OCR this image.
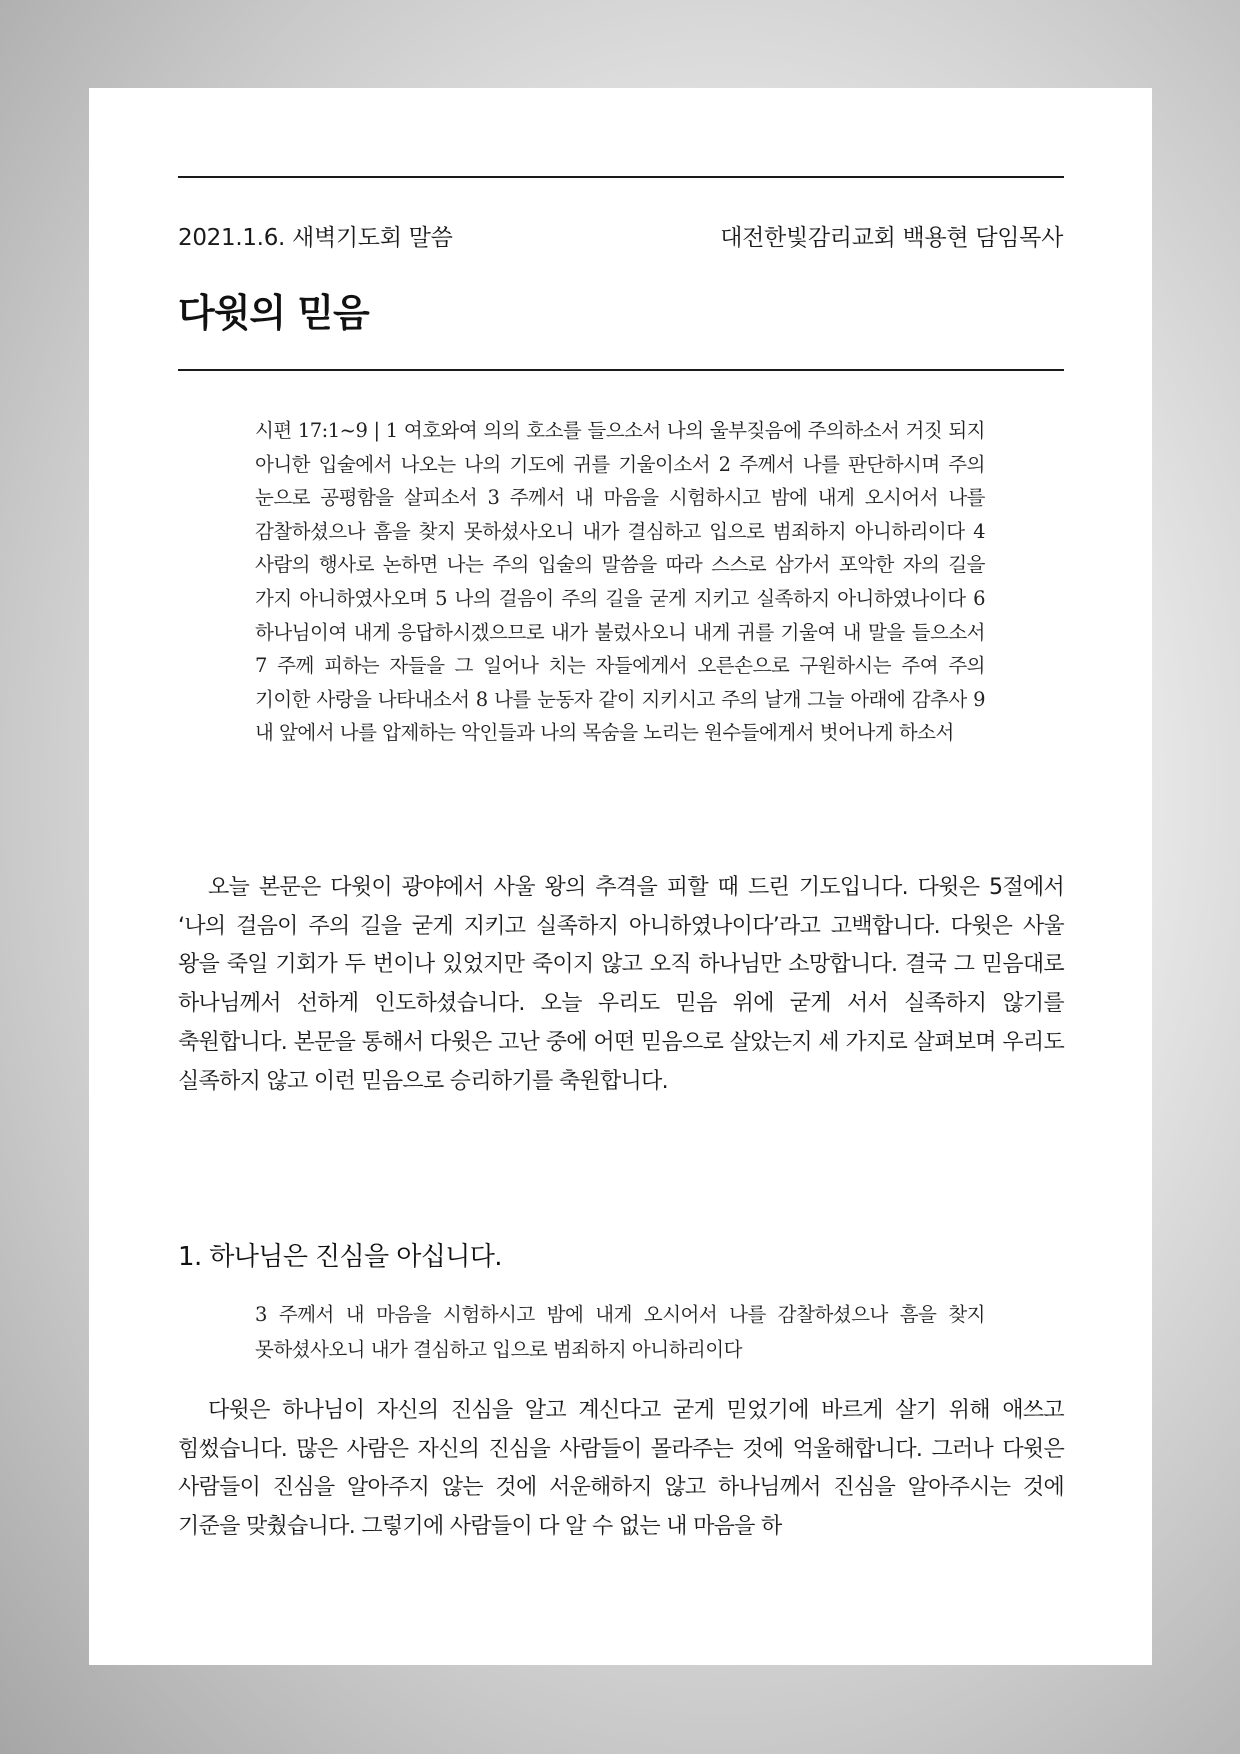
2021.1.6. 새벽기도회 말씀	대전한빛감리교회 백용현 담임목사
다윗의 믿음

시편 17:1~9 | 1 여호와여 의의 호소를 들으소서 나의 울부짖음에 주의하소서 거짓 되지 아니한 입술에서 나오는 나의 기도에 귀를 기울이소서 2 주께서 나를 판단하시며 주의 눈으로 공평함을 살피소서 3 주께서 내 마음을 시험하시고 밤에 내게 오시어서 나를 감찰하셨으나 흠을 찾지 못하셨사오니 내가 결심하고 입으로 범죄하지 아니하리이다 4 사람의 행사로 논하면 나는 주의 입술의 말씀을 따라 스스로 삼가서 포악한 자의 길을 가지 아니하였사오며 5 나의 걸음이 주의 길을 굳게 지키고 실족하지 아니하였나이다 6 하나님이여 내게 응답하시겠으므로 내가 불렀사오니 내게 귀를 기울여 내 말을 들으소서 7 주께 피하는 자들을 그 일어나 치는 자들에게서 오른손으로 구원하시는 주여 주의 기이한 사랑을 나타내소서 8 나를 눈동자 같이 지키시고 주의 날개 그늘 아래에 감추사 9 내 앞에서 나를 압제하는 악인들과 나의 목숨을 노리는 원수들에게서 벗어나게 하소서

오늘 본문은 다윗이 광야에서 사울 왕의 추격을 피할 때 드린 기도입니다. 다윗은 5절에서 ‘나의 걸음이 주의 길을 굳게 지키고 실족하지 아니하였나이다’라고 고백합니다. 다윗은 사울 왕을 죽일 기회가 두 번이나 있었지만 죽이지 않고 오직 하나님만 소망합니다. 결국 그 믿음대로 하나님께서 선하게 인도하셨습니다. 오늘 우리도 믿음 위에 굳게 서서 실족하지 않기를 축원합니다. 본문을 통해서 다윗은 고난 중에 어떤 믿음으로 살았는지 세 가지로 살펴보며 우리도 실족하지 않고 이런 믿음으로 승리하기를 축원합니다.

1. 하나님은 진심을 아십니다.

3 주께서 내 마음을 시험하시고 밤에 내게 오시어서 나를 감찰하셨으나 흠을 찾지 못하셨사오니 내가 결심하고 입으로 범죄하지 아니하리이다

다윗은 하나님이 자신의 진심을 알고 계신다고 굳게 믿었기에 바르게 살기 위해 애쓰고 힘썼습니다. 많은 사람은 자신의 진심을 사람들이 몰라주는 것에 억울해합니다. 그러나 다윗은 사람들이 진심을 알아주지 않는 것에 서운해하지 않고 하나님께서 진심을 알아주시는 것에 기준을 맞췄습니다. 그렇기에 사람들이 다 알 수 없는 내 마음을 하
